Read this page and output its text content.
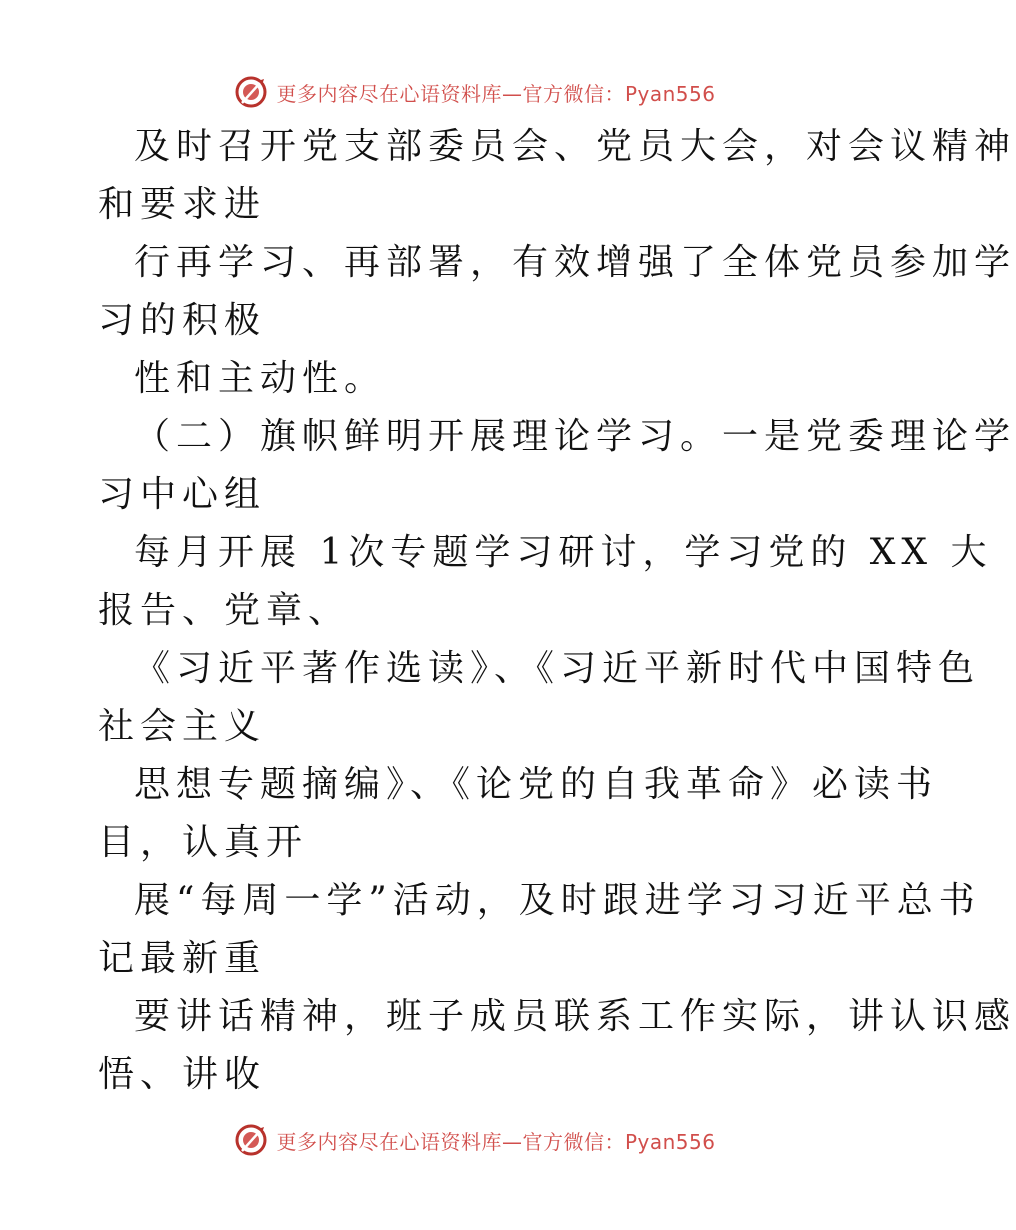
更多内容尽在心语资料库—官方微信：Pyan556
及时召开党支部委员会、党员大会，对会议精神
和要求进
行再学习、再部署，有效增强了全体党员参加学
习的积极
性和主动性。
（二）旗帜鲜明开展理论学习。一是党委理论学
习中心组
每月开展 1次专题学习研讨，学习党的 XX 大
报告、党章、
《习近平著作选读》、《习近平新时代中国特色
社会主义
思想专题摘编》、《论党的自我革命》必读书
目，认真开
展“每周一学”活动，及时跟进学习习近平总书
记最新重
要讲话精神，班子成员联系工作实际，讲认识感
悟、讲收
更多内容尽在心语资料库—官方微信：Pyan556
